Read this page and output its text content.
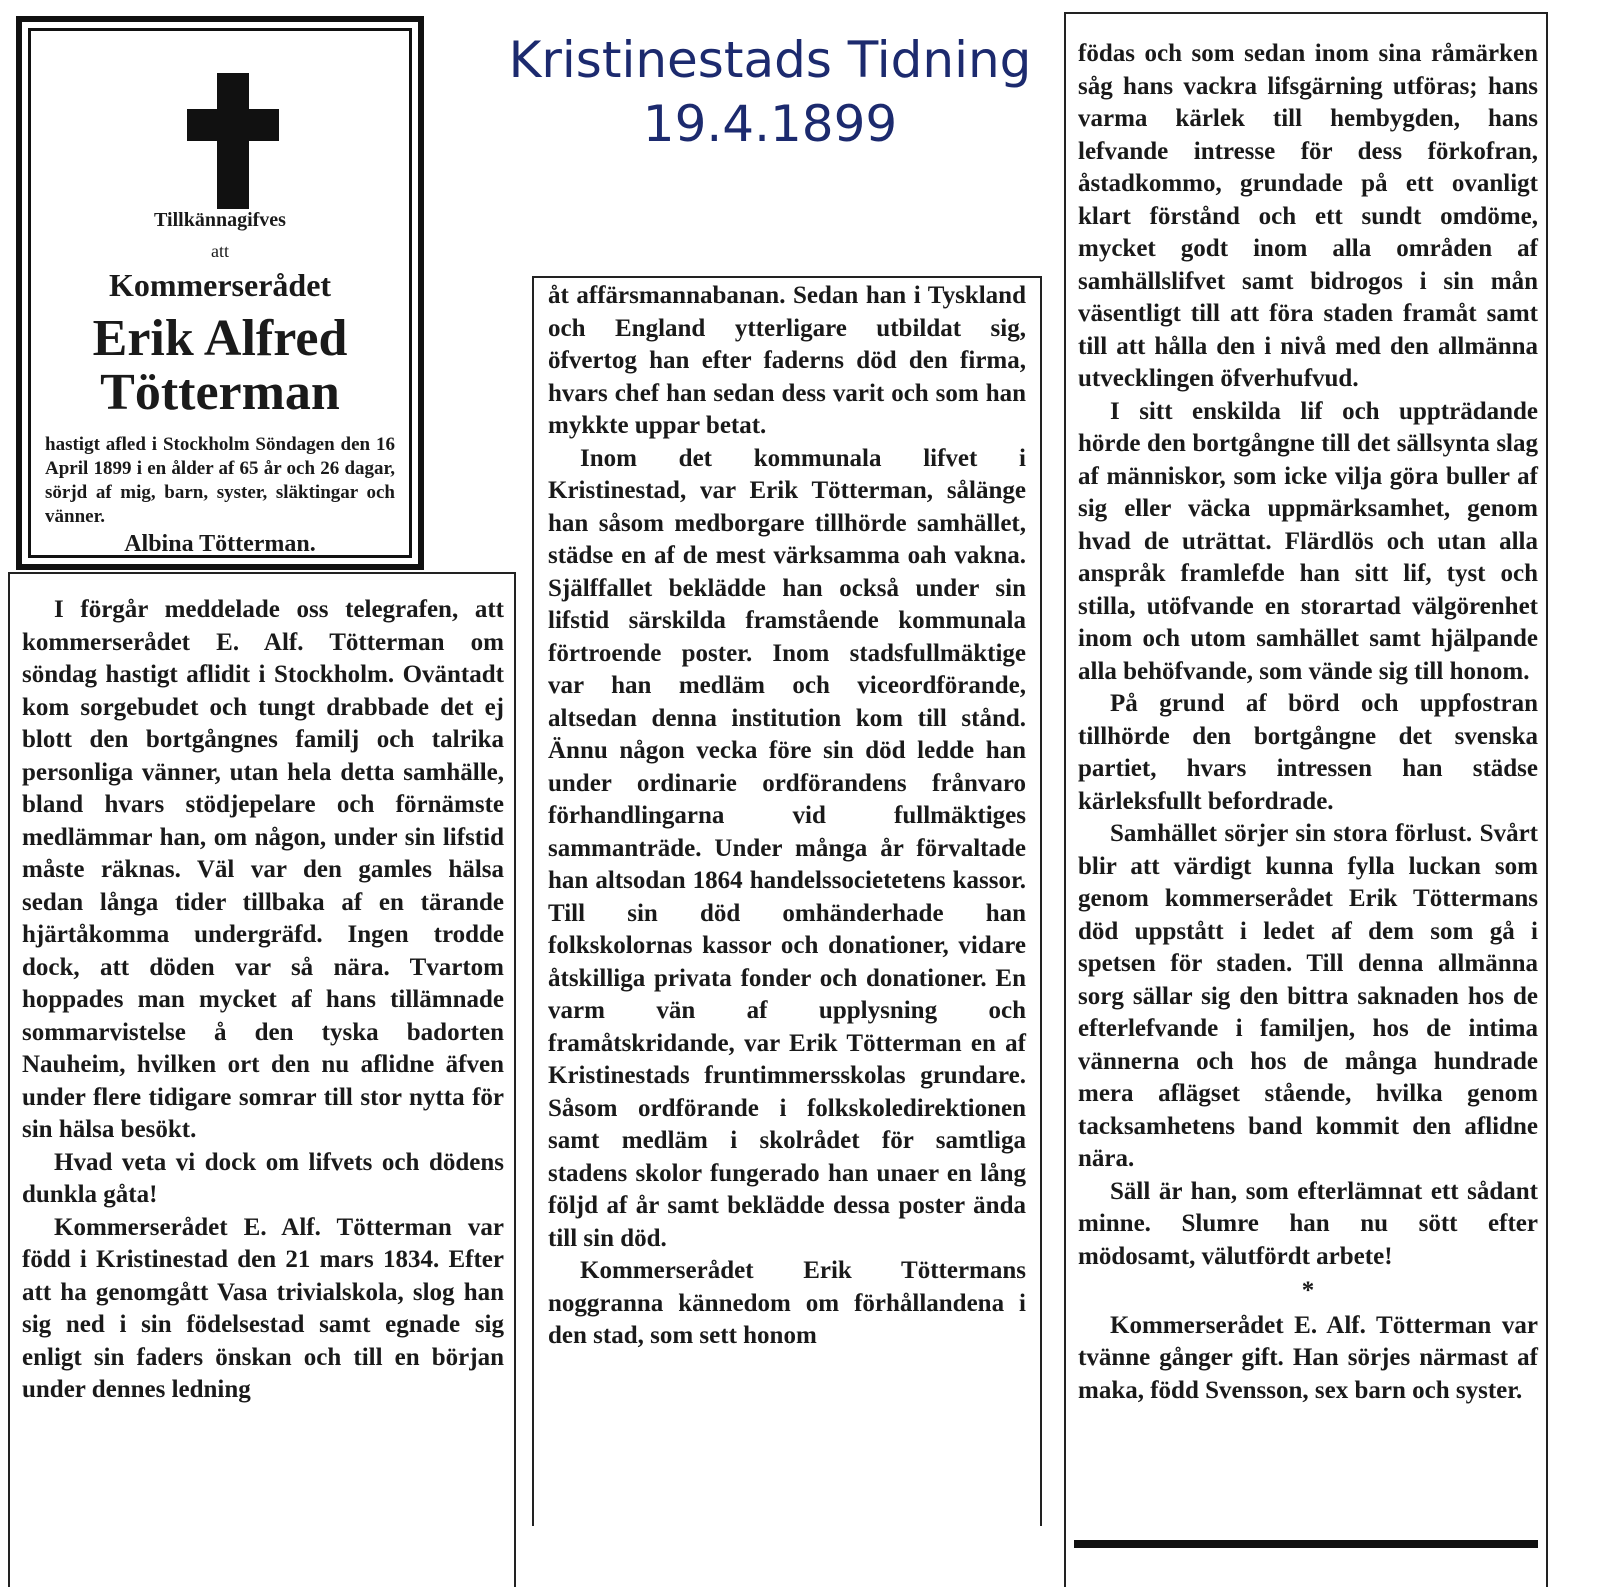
Kristinestads Tidning
19.4.1899
Tillkännagifves
att
Kommerserådet
Erik Alfred
Tötterman
hastigt afled i Stockholm Söndagen den 16 April 1899 i en ålder af 65 år och 26 dagar, sörjd af mig, barn, syster, släktingar och vänner.
Albina Tötterman.

I förgår meddelade oss telegrafen, att kommerserådet E. Alf. Tötterman om söndag hastigt aflidit i Stockholm. Oväntadt kom sorgebudet och tungt drabbade det ej blott den bortgångnes familj och talrika personliga vänner, utan hela detta samhälle, bland hvars stödjepelare och förnämste medlämmar han, om någon, under sin lifstid måste räknas. Väl var den gamles hälsa sedan långa tider tillbaka af en tärande hjärtåkomma undergräfd. Ingen trodde dock, att döden var så nära. Tvartom hoppades man mycket af hans tillämnade sommarvistelse å den tyska badorten Nauheim, hvilken ort den nu aflidne äfven under flere tidigare somrar till stor nytta för sin hälsa besökt.

Hvad veta vi dock om lifvets och dödens dunkla gåta!

Kommerserådet E. Alf. Tötterman var född i Kristinestad den 21 mars 1834. Efter att ha genomgått Vasa trivialskola, slog han sig ned i sin födelsestad samt egnade sig enligt sin faders önskan och till en början under dennes ledning

åt affärsmannabanan. Sedan han i Tyskland och England ytterligare utbildat sig, öfvertog han efter faderns död den firma, hvars chef han sedan dess varit och som han mykkte uppar betat.

Inom det kommunala lifvet i Kristinestad, var Erik Tötterman, sålänge han såsom medborgare tillhörde samhället, städse en af de mest värksamma oah vakna. Själffallet beklädde han också under sin lifstid särskilda framstående kommunala förtroende poster. Inom stadsfullmäktige var han medläm och viceordförande, altsedan denna institution kom till stånd. Ännu någon vecka före sin död ledde han under ordinarie ordförandens frånvaro förhandlingarna vid fullmäktiges sammanträde. Under många år förvaltade han altsodan 1864 handelssocietetens kassor. Till sin död omhänderhade han folkskolornas kassor och donationer, vidare åtskilliga privata fonder och donationer. En varm vän af upplysning och framåtskridande, var Erik Tötterman en af Kristinestads fruntimmersskolas grundare. Såsom ordförande i folkskoledirektionen samt medläm i skolrådet för samtliga stadens skolor fungerado han unaer en lång följd af år samt beklädde dessa poster ända till sin död.

Kommerserådet Erik Töttermans noggranna kännedom om förhållandena i den stad, som sett honom

födas och som sedan inom sina råmärken såg hans vackra lifsgärning utföras; hans varma kärlek till hembygden, hans lefvande intresse för dess förkofran, åstadkommo, grundade på ett ovanligt klart förstånd och ett sundt omdöme, mycket godt inom alla områden af samhällslifvet samt bidrogos i sin mån väsentligt till att föra staden framåt samt till att hålla den i nivå med den allmänna utvecklingen öfverhufvud.

I sitt enskilda lif och uppträdande hörde den bortgångne till det sällsynta slag af människor, som icke vilja göra buller af sig eller väcka uppmärksamhet, genom hvad de uträttat. Flärdlös och utan alla anspråk framlefde han sitt lif, tyst och stilla, utöfvande en storartad välgörenhet inom och utom samhället samt hjälpande alla behöfvande, som vände sig till honom.

På grund af börd och uppfostran tillhörde den bortgångne det svenska partiet, hvars intressen han städse kärleksfullt befordrade.

Samhället sörjer sin stora förlust. Svårt blir att värdigt kunna fylla luckan som genom kommerserådet Erik Töttermans död uppstått i ledet af dem som gå i spetsen för staden. Till denna allmänna sorg sällar sig den bittra saknaden hos de efterlefvande i familjen, hos de intima vännerna och hos de många hundrade mera aflägset stående, hvilka genom tacksamhetens band kommit den aflidne nära.

Säll är han, som efterlämnat ett sådant minne. Slumre han nu sött efter mödosamt, välutfördt arbete!

*

Kommerserådet E. Alf. Tötterman var tvänne gånger gift. Han sörjes närmast af maka, född Svensson, sex barn och syster.
